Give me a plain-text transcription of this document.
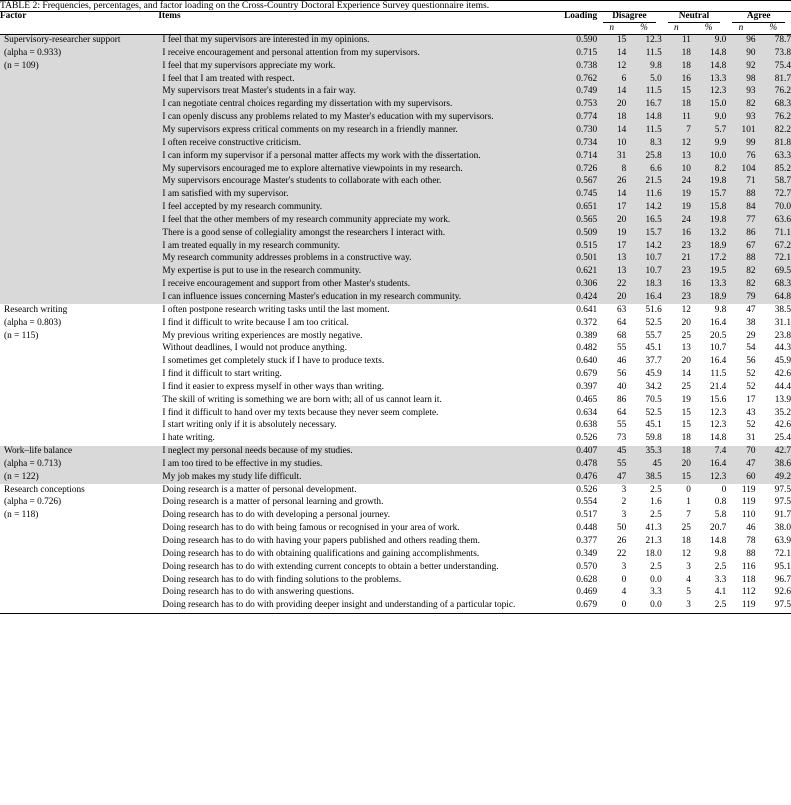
TABLE 2: Frequencies, percentages, and factor loading on the Cross-Country Doctoral Experience Survey questionnaire items.								
Factor	Items	Loading	Disagree		Neutral		Agree	

			n	%	n	%	n	%

Supervisory-researcher support	I feel that my supervisors are interested in my opinions.	0.590	15	12.3	11	9.0	96	78.7

(alpha = 0.933)	I receive encouragement and personal attention from my supervisors.	0.715	14	11.5	18	14.8	90	73.8

(n = 109)	I feel that my supervisors appreciate my work.	0.738	12	9.8	18	14.8	92	75.4
	I feel that I am treated with respect.	0.762	6	5.0	16	13.3	98	81.7
	My supervisors treat Master's students in a fair way.	0.749	14	11.5	15	12.3	93	76.2
	I can negotiate central choices regarding my dissertation with my supervisors.	0.753	20	16.7	18	15.0	82	68.3
	I can openly discuss any problems related to my Master's education with my supervisors.	0.774	18	14.8	11	9.0	93	76.2
	My supervisors express critical comments on my research in a friendly manner.	0.730	14	11.5	7	5.7	101	82.2
	I often receive constructive criticism.	0.734	10	8.3	12	9.9	99	81.8
	I can inform my supervisor if a personal matter affects my work with the dissertation.	0.714	31	25.8	13	10.0	76	63.3
	My supervisors encouraged me to explore alternative viewpoints in my research.	0.726	8	6.6	10	8.2	104	85.2
	My supervisors encourage Master's students to collaborate with each other.	0.567	26	21.5	24	19.8	71	58.7
	I am satisfied with my supervisor.	0.745	14	11.6	19	15.7	88	72.7
	I feel accepted by my research community.	0.651	17	14.2	19	15.8	84	70.0
	I feel that the other members of my research community appreciate my work.	0.565	20	16.5	24	19.8	77	63.6
	There is a good sense of collegiality amongst the researchers I interact with.	0.509	19	15.7	16	13.2	86	71.1
	I am treated equally in my research community.	0.515	17	14.2	23	18.9	67	67.2
	My research community addresses problems in a constructive way.	0.501	13	10.7	21	17.2	88	72.1
	My expertise is put to use in the research community.	0.621	13	10.7	23	19.5	82	69.5
	I receive encouragement and support from other Master's students.	0.306	22	18.3	16	13.3	82	68.3
	I can influence issues concerning Master's education in my research community.	0.424	20	16.4	23	18.9	79	64.8

Research writing	I often postpone research writing tasks until the last moment.	0.641	63	51.6	12	9.8	47	38.5

(alpha = 0.803)	I find it difficult to write because I am too critical.	0.372	64	52.5	20	16.4	38	31.1

(n = 115)	My previous writing experiences are mostly negative.	0.389	68	55.7	25	20.5	29	23.8
	Without deadlines, I would not produce anything.	0.482	55	45.1	13	10.7	54	44.3
	I sometimes get completely stuck if I have to produce texts.	0.640	46	37.7	20	16.4	56	45.9
	I find it difficult to start writing.	0.679	56	45.9	14	11.5	52	42.6
	I find it easier to express myself in other ways than writing.	0.397	40	34.2	25	21.4	52	44.4
	The skill of writing is something we are born with; all of us cannot learn it.	0.465	86	70.5	19	15.6	17	13.9
	I find it difficult to hand over my texts because they never seem complete.	0.634	64	52.5	15	12.3	43	35.2
	I start writing only if it is absolutely necessary.	0.638	55	45.1	15	12.3	52	42.6
	I hate writing.	0.526	73	59.8	18	14.8	31	25.4

Work–life balance	I neglect my personal needs because of my studies.	0.407	45	35.3	18	7.4	70	42.7

(alpha = 0.713)	I am too tired to be effective in my studies.	0.478	55	45	20	16.4	47	38.6

(n = 122)	My job makes my study life difficult.	0.476	47	38.5	15	12.3	60	49.2

Research conceptions	Doing research is a matter of personal development.	0.526	3	2.5	0	0	119	97.5

(alpha = 0.726)	Doing research is a matter of personal learning and growth.	0.554	2	1.6	1	0.8	119	97.5

(n = 118)	Doing research has to do with developing a personal journey.	0.517	3	2.5	7	5.8	110	91.7
	Doing research has to do with being famous or recognised in your area of work.	0.448	50	41.3	25	20.7	46	38.0
	Doing research has to do with having your papers published and others reading them.	0.377	26	21.3	18	14.8	78	63.9
	Doing research has to do with obtaining qualifications and gaining accomplishments.	0.349	22	18.0	12	9.8	88	72.1
	Doing research has to do with extending current concepts to obtain a better understanding.	0.570	3	2.5	3	2.5	116	95.1
	Doing research has to do with finding solutions to the problems.	0.628	0	0.0	4	3.3	118	96.7
	Doing research has to do with answering questions.	0.469	4	3.3	5	4.1	112	92.6
	Doing research has to do with providing deeper insight and understanding of a particular topic.	0.679	0	0.0	3	2.5	119	97.5
